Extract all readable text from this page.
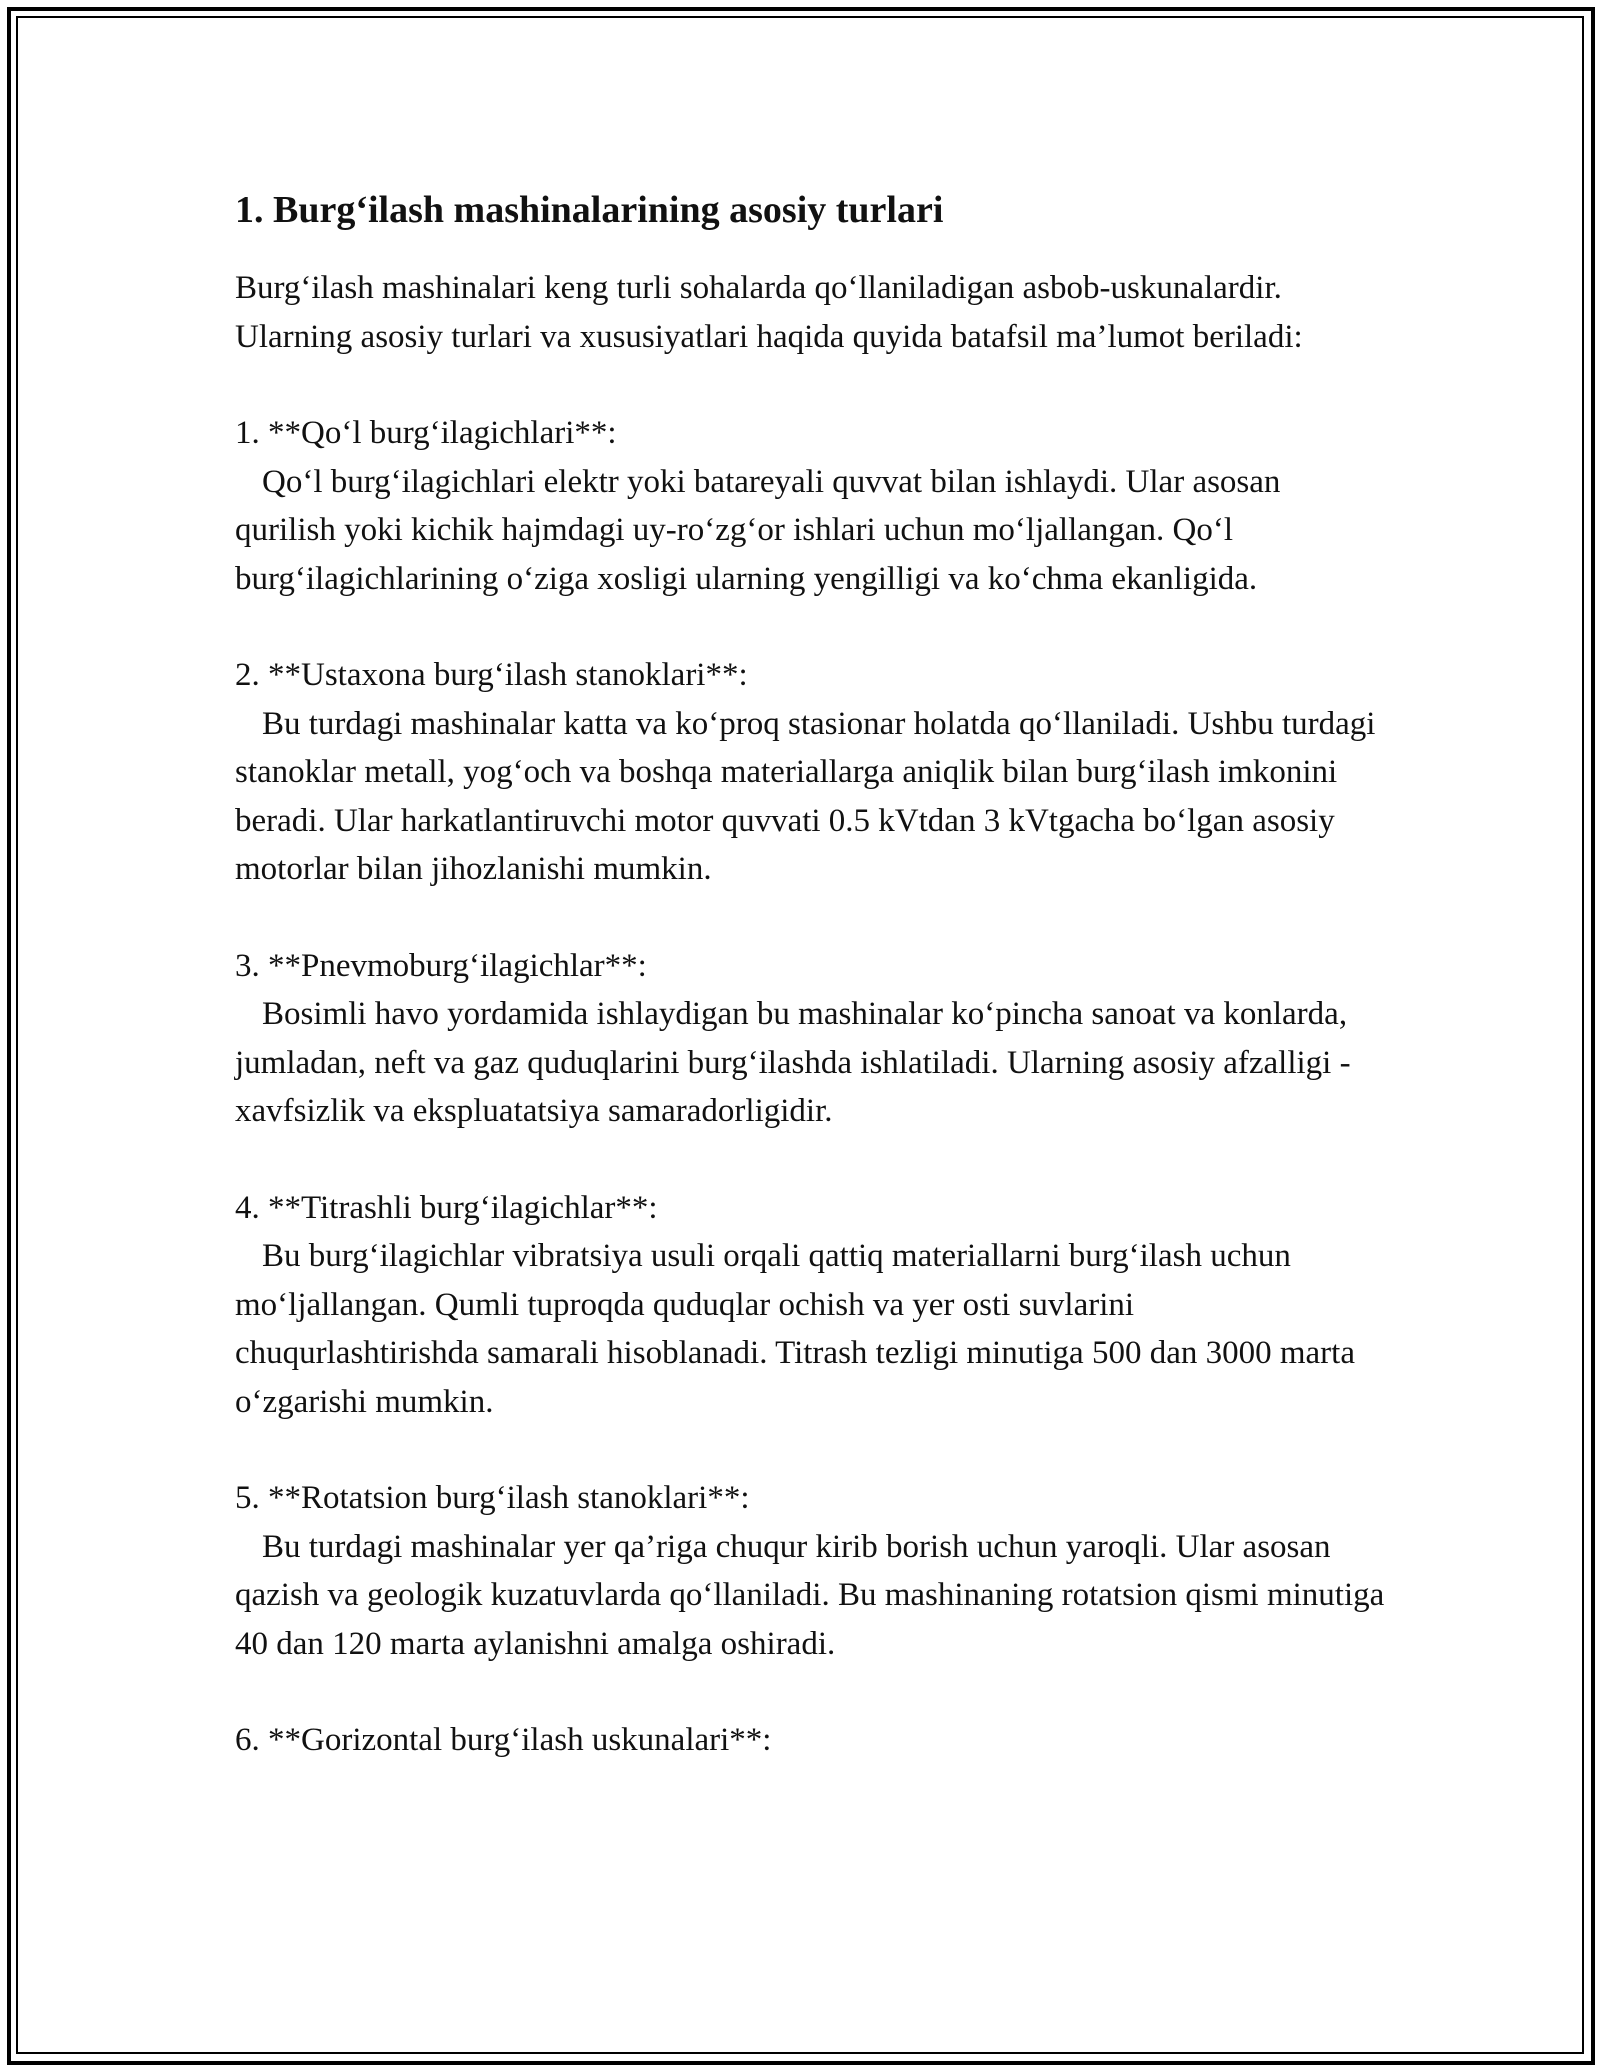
1. Burg‘ilash mashinalarining asosiy turlari

Burg‘ilash mashinalari keng turli sohalarda qo‘llaniladigan asbob-uskunalardir. Ularning asosiy turlari va xususiyatlari haqida quyida batafsil ma’lumot beriladi:

1. **Qo‘l burg‘ilagichlari**:

Qo‘l burg‘ilagichlari elektr yoki batareyali quvvat bilan ishlaydi. Ular asosan qurilish yoki kichik hajmdagi uy-ro‘zg‘or ishlari uchun mo‘ljallangan. Qo‘l burg‘ilagichlarining o‘ziga xosligi ularning yengilligi va ko‘chma ekanligida.

2. **Ustaxona burg‘ilash stanoklari**:

Bu turdagi mashinalar katta va ko‘proq stasionar holatda qo‘llaniladi. Ushbu turdagi stanoklar metall, yog‘och va boshqa materiallarga aniqlik bilan burg‘ilash imkonini beradi. Ular harkatlantiruvchi motor quvvati 0.5 kVtdan 3 kVtgacha bo‘lgan asosiy motorlar bilan jihozlanishi mumkin.

3. **Pnevmoburg‘ilagichlar**:

Bosimli havo yordamida ishlaydigan bu mashinalar ko‘pincha sanoat va konlarda, jumladan, neft va gaz quduqlarini burg‘ilashda ishlatiladi. Ularning asosiy afzalligi - xavfsizlik va ekspluatatsiya samaradorligidir.

4. **Titrashli burg‘ilagichlar**:

Bu burg‘ilagichlar vibratsiya usuli orqali qattiq materiallarni burg‘ilash uchun mo‘ljallangan. Qumli tuproqda quduqlar ochish va yer osti suvlarini chuqurlashtirishda samarali hisoblanadi. Titrash tezligi minutiga 500 dan 3000 marta o‘zgarishi mumkin.

5. **Rotatsion burg‘ilash stanoklari**:

Bu turdagi mashinalar yer qa’riga chuqur kirib borish uchun yaroqli. Ular asosan qazish va geologik kuzatuvlarda qo‘llaniladi. Bu mashinaning rotatsion qismi minutiga 40 dan 120 marta aylanishni amalga oshiradi.

6. **Gorizontal burg‘ilash uskunalari**:
